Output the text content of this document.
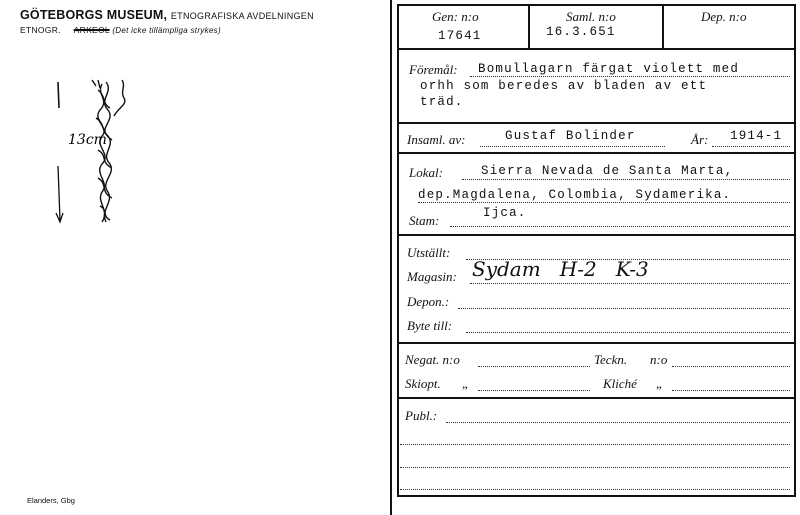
GÖTEBORGS MUSEUM, ETNOGRAFISKA AVDELNINGEN
ETNOGR. ARKEOL (Det icke tillämpliga strykes)
13cm
Elanders, Gbg
Gen: n:o
17641
Saml. n:o
16.3.651
Dep. n:o
Föremål: Bomullagarn färgat violett med
orhh som beredes av bladen av ett
träd.
Insaml. av:	Gustaf Bolinder	År: 1914-1
Lokal:	Sierra Nevada de Santa Marta,
dep.Magdalena, Colombia, Sydamerika.
Stam:	Ijca.
Utställt:
Magasin: Sydam   H-2   K-3
Depon.:
Byte till:
Negat. n:o	Teckn. n:o
Skiopt. „	Kliché „
Publ.:
